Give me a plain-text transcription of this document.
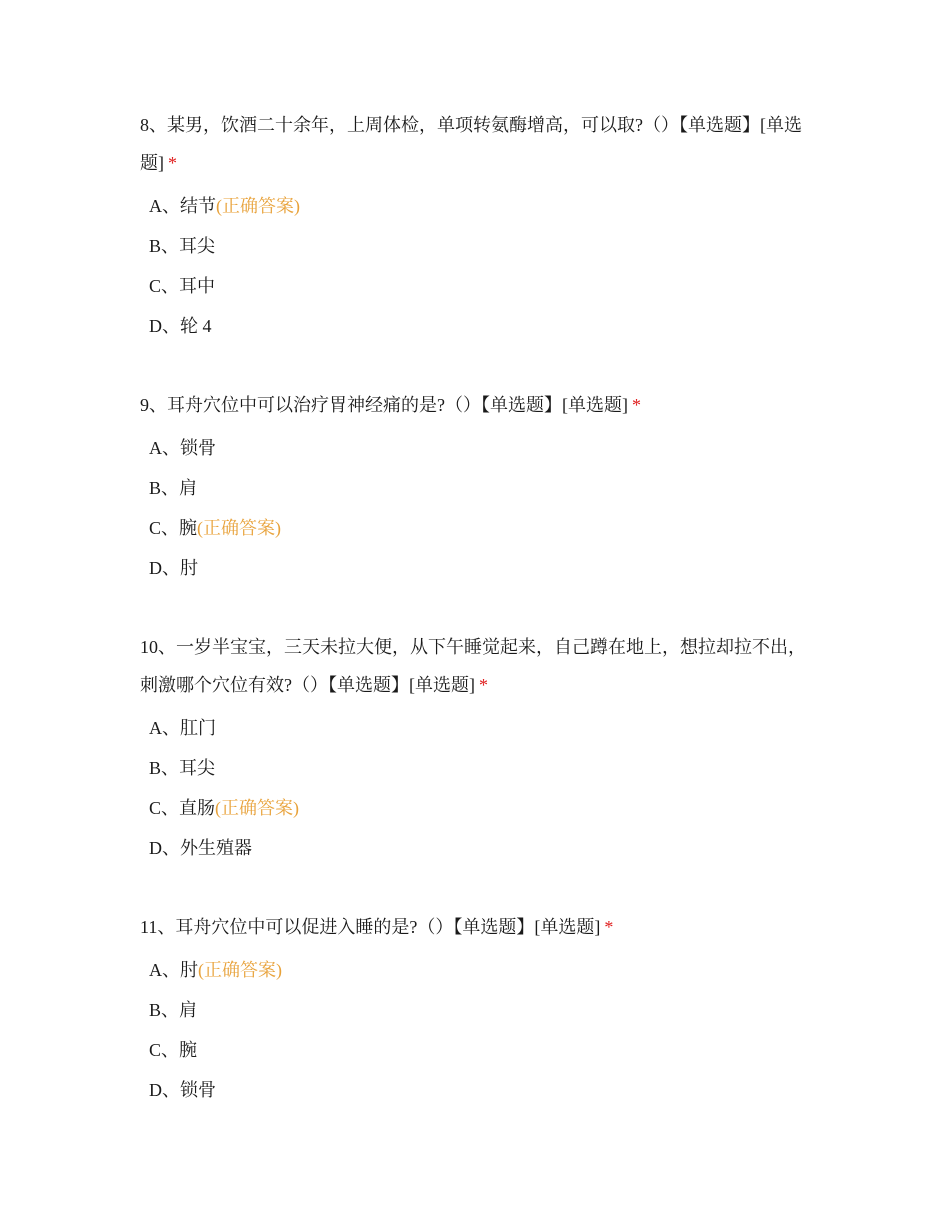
8、某男，饮酒二十余年，上周体检，单项转氨酶增高，可以取?（）【单选题】[单选题] *

A、结节(正确答案)
B、耳尖
C、耳中
D、轮 4

9、耳舟穴位中可以治疗胃神经痛的是?（）【单选题】[单选题] *

A、锁骨
B、肩
C、腕(正确答案)
D、肘

10、一岁半宝宝，三天未拉大便，从下午睡觉起来，自己蹲在地上，想拉却拉不出，刺激哪个穴位有效?（）【单选题】[单选题] *

A、肛门
B、耳尖
C、直肠(正确答案)
D、外生殖器

11、耳舟穴位中可以促进入睡的是?（）【单选题】[单选题] *

A、肘(正确答案)
B、肩
C、腕
D、锁骨
